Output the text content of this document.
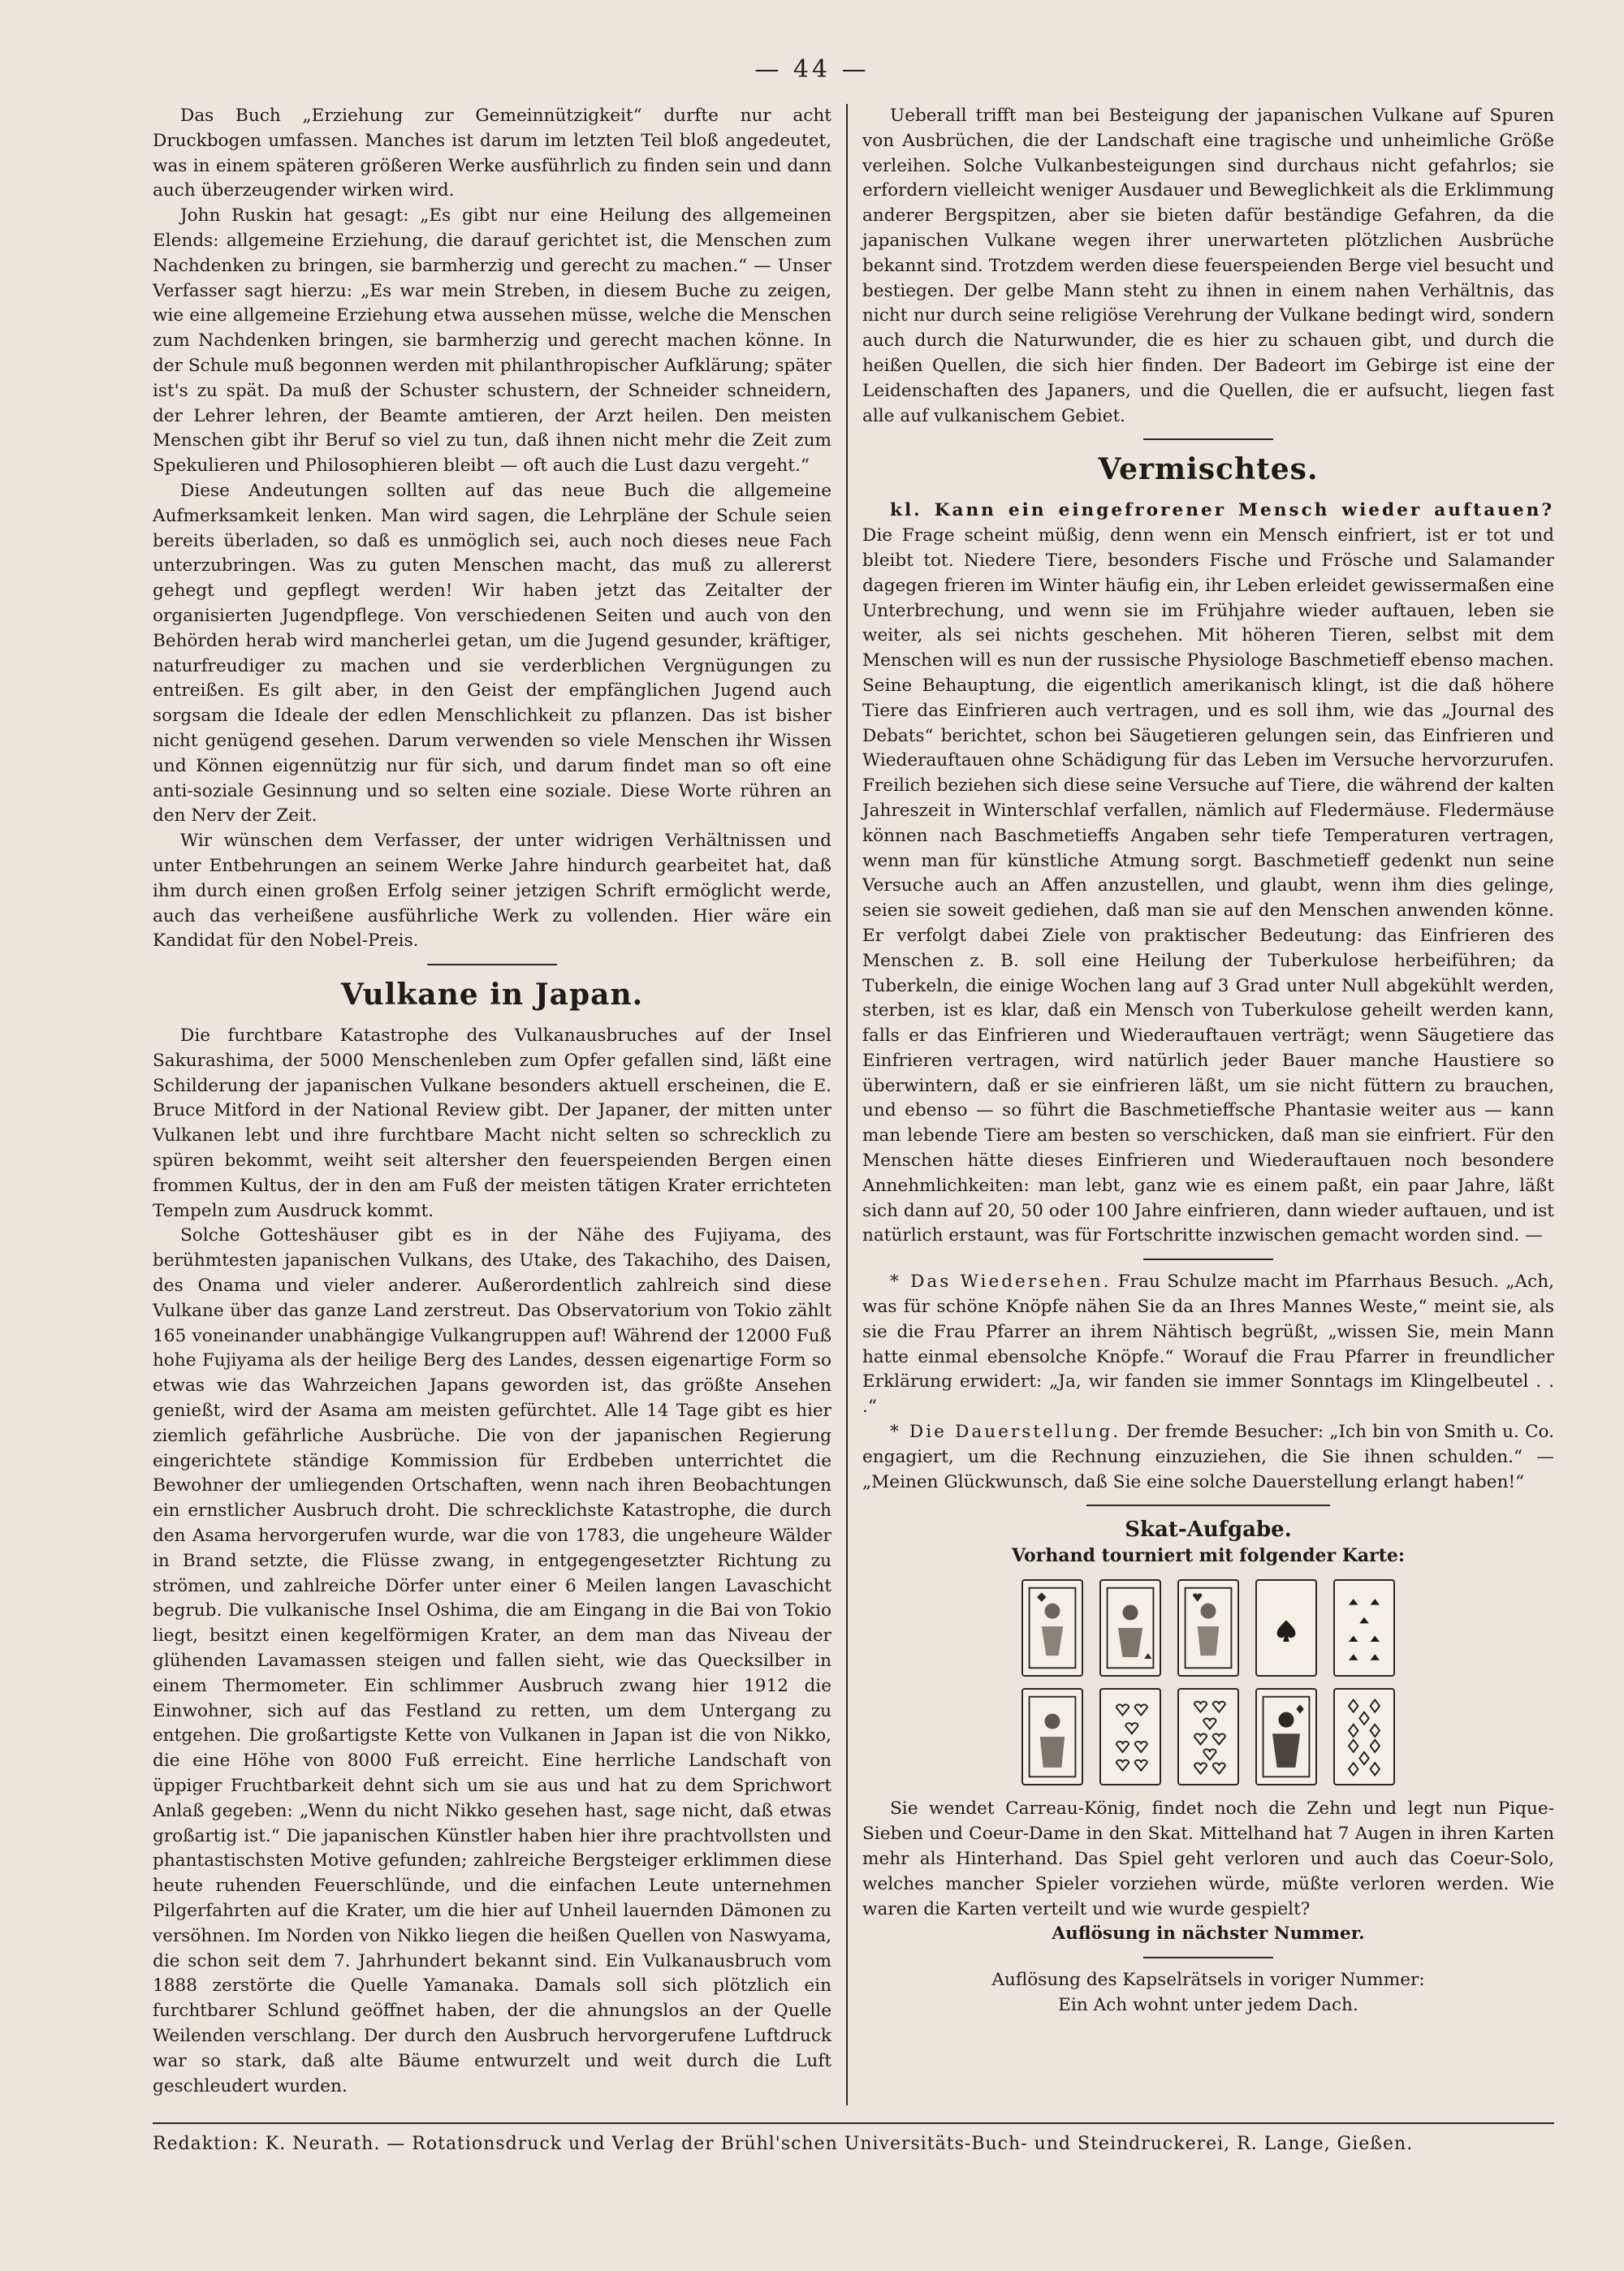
— 44 —

Das Buch „Erziehung zur Gemeinnützigkeit“ durfte nur acht Druckbogen umfassen. Manches ist darum im letzten Teil bloß angedeutet, was in einem späteren größeren Werke ausführlich zu finden sein und dann auch überzeugender wirken wird.

John Ruskin hat gesagt: „Es gibt nur eine Heilung des allgemeinen Elends: allgemeine Erziehung, die darauf gerichtet ist, die Menschen zum Nachdenken zu bringen, sie barmherzig und gerecht zu machen.“ — Unser Verfasser sagt hierzu: „Es war mein Streben, in diesem Buche zu zeigen, wie eine allgemeine Erziehung etwa aussehen müsse, welche die Menschen zum Nachdenken bringen, sie barmherzig und gerecht machen könne. In der Schule muß begonnen werden mit philanthropischer Aufklärung; später ist's zu spät. Da muß der Schuster schustern, der Schneider schneidern, der Lehrer lehren, der Beamte amtieren, der Arzt heilen. Den meisten Menschen gibt ihr Beruf so viel zu tun, daß ihnen nicht mehr die Zeit zum Spekulieren und Philosophieren bleibt — oft auch die Lust dazu vergeht.“

Diese Andeutungen sollten auf das neue Buch die allgemeine Aufmerksamkeit lenken. Man wird sagen, die Lehrpläne der Schule seien bereits überladen, so daß es unmöglich sei, auch noch dieses neue Fach unterzubringen. Was zu guten Menschen macht, das muß zu allererst gehegt und gepflegt werden! Wir haben jetzt das Zeitalter der organisierten Jugendpflege. Von verschiedenen Seiten und auch von den Behörden herab wird mancherlei getan, um die Jugend gesunder, kräftiger, naturfreudiger zu machen und sie verderblichen Vergnügungen zu entreißen. Es gilt aber, in den Geist der empfänglichen Jugend auch sorgsam die Ideale der edlen Menschlichkeit zu pflanzen. Das ist bisher nicht genügend gesehen. Darum verwenden so viele Menschen ihr Wissen und Können eigennützig nur für sich, und darum findet man so oft eine anti-soziale Gesinnung und so selten eine soziale. Diese Worte rühren an den Nerv der Zeit.

Wir wünschen dem Verfasser, der unter widrigen Verhältnissen und unter Entbehrungen an seinem Werke Jahre hindurch gearbeitet hat, daß ihm durch einen großen Erfolg seiner jetzigen Schrift ermöglicht werde, auch das verheißene ausführliche Werk zu vollenden. Hier wäre ein Kandidat für den Nobel-Preis.

Vulkane in Japan.

Die furchtbare Katastrophe des Vulkanausbruches auf der Insel Sakurashima, der 5000 Menschenleben zum Opfer gefallen sind, läßt eine Schilderung der japanischen Vulkane besonders aktuell erscheinen, die E. Bruce Mitford in der National Review gibt. Der Japaner, der mitten unter Vulkanen lebt und ihre furchtbare Macht nicht selten so schrecklich zu spüren bekommt, weiht seit altersher den feuerspeienden Bergen einen frommen Kultus, der in den am Fuß der meisten tätigen Krater errichteten Tempeln zum Ausdruck kommt.

Solche Gotteshäuser gibt es in der Nähe des Fujiyama, des berühmtesten japanischen Vulkans, des Utake, des Takachiho, des Daisen, des Onama und vieler anderer. Außerordentlich zahlreich sind diese Vulkane über das ganze Land zerstreut. Das Observatorium von Tokio zählt 165 voneinander unabhängige Vulkangruppen auf! Während der 12000 Fuß hohe Fujiyama als der heilige Berg des Landes, dessen eigenartige Form so etwas wie das Wahrzeichen Japans geworden ist, das größte Ansehen genießt, wird der Asama am meisten gefürchtet. Alle 14 Tage gibt es hier ziemlich gefährliche Ausbrüche. Die von der japanischen Regierung eingerichtete ständige Kommission für Erdbeben unterrichtet die Bewohner der umliegenden Ortschaften, wenn nach ihren Beobachtungen ein ernstlicher Ausbruch droht. Die schrecklichste Katastrophe, die durch den Asama hervorgerufen wurde, war die von 1783, die ungeheure Wälder in Brand setzte, die Flüsse zwang, in entgegengesetzter Richtung zu strömen, und zahlreiche Dörfer unter einer 6 Meilen langen Lavaschicht begrub. Die vulkanische Insel Oshima, die am Eingang in die Bai von Tokio liegt, besitzt einen kegelförmigen Krater, an dem man das Niveau der glühenden Lavamassen steigen und fallen sieht, wie das Quecksilber in einem Thermometer. Ein schlimmer Ausbruch zwang hier 1912 die Einwohner, sich auf das Festland zu retten, um dem Untergang zu entgehen. Die großartigste Kette von Vulkanen in Japan ist die von Nikko, die eine Höhe von 8000 Fuß erreicht. Eine herrliche Landschaft von üppiger Fruchtbarkeit dehnt sich um sie aus und hat zu dem Sprichwort Anlaß gegeben: „Wenn du nicht Nikko gesehen hast, sage nicht, daß etwas großartig ist.“ Die japanischen Künstler haben hier ihre prachtvollsten und phantastischsten Motive gefunden; zahlreiche Bergsteiger erklimmen diese heute ruhenden Feuerschlünde, und die einfachen Leute unternehmen Pilgerfahrten auf die Krater, um die hier auf Unheil lauernden Dämonen zu versöhnen. Im Norden von Nikko liegen die heißen Quellen von Naswyama, die schon seit dem 7. Jahrhundert bekannt sind. Ein Vulkanausbruch vom 1888 zerstörte die Quelle Yamanaka. Damals soll sich plötzlich ein furchtbarer Schlund geöffnet haben, der die ahnungslos an der Quelle Weilenden verschlang. Der durch den Ausbruch hervorgerufene Luftdruck war so stark, daß alte Bäume entwurzelt und weit durch die Luft geschleudert wurden.

Ueberall trifft man bei Besteigung der japanischen Vulkane auf Spuren von Ausbrüchen, die der Landschaft eine tragische und unheimliche Größe verleihen. Solche Vulkanbesteigungen sind durchaus nicht gefahrlos; sie erfordern vielleicht weniger Ausdauer und Beweglichkeit als die Erklimmung anderer Bergspitzen, aber sie bieten dafür beständige Gefahren, da die japanischen Vulkane wegen ihrer unerwarteten plötzlichen Ausbrüche bekannt sind. Trotzdem werden diese feuerspeienden Berge viel besucht und bestiegen. Der gelbe Mann steht zu ihnen in einem nahen Verhältnis, das nicht nur durch seine religiöse Verehrung der Vulkane bedingt wird, sondern auch durch die Naturwunder, die es hier zu schauen gibt, und durch die heißen Quellen, die sich hier finden. Der Badeort im Gebirge ist eine der Leidenschaften des Japaners, und die Quellen, die er aufsucht, liegen fast alle auf vulkanischem Gebiet.

Vermischtes.

kl. Kann ein eingefrorener Mensch wieder auftauen? Die Frage scheint müßig, denn wenn ein Mensch einfriert, ist er tot und bleibt tot. Niedere Tiere, besonders Fische und Frösche und Salamander dagegen frieren im Winter häufig ein, ihr Leben erleidet gewissermaßen eine Unterbrechung, und wenn sie im Frühjahre wieder auftauen, leben sie weiter, als sei nichts geschehen. Mit höheren Tieren, selbst mit dem Menschen will es nun der russische Physiologe Baschmetieff ebenso machen. Seine Behauptung, die eigentlich amerikanisch klingt, ist die daß höhere Tiere das Einfrieren auch vertragen, und es soll ihm, wie das „Journal des Debats“ berichtet, schon bei Säugetieren gelungen sein, das Einfrieren und Wiederauftauen ohne Schädigung für das Leben im Versuche hervorzurufen. Freilich beziehen sich diese seine Versuche auf Tiere, die während der kalten Jahreszeit in Winterschlaf verfallen, nämlich auf Fledermäuse. Fledermäuse können nach Baschmetieffs Angaben sehr tiefe Temperaturen vertragen, wenn man für künstliche Atmung sorgt. Baschmetieff gedenkt nun seine Versuche auch an Affen anzustellen, und glaubt, wenn ihm dies gelinge, seien sie soweit gediehen, daß man sie auf den Menschen anwenden könne. Er verfolgt dabei Ziele von praktischer Bedeutung: das Einfrieren des Menschen z. B. soll eine Heilung der Tuberkulose herbeiführen; da Tuberkeln, die einige Wochen lang auf 3 Grad unter Null abgekühlt werden, sterben, ist es klar, daß ein Mensch von Tuberkulose geheilt werden kann, falls er das Einfrieren und Wiederauftauen verträgt; wenn Säugetiere das Einfrieren vertragen, wird natürlich jeder Bauer manche Haustiere so überwintern, daß er sie einfrieren läßt, um sie nicht füttern zu brauchen, und ebenso — so führt die Baschmetieffsche Phantasie weiter aus — kann man lebende Tiere am besten so verschicken, daß man sie einfriert. Für den Menschen hätte dieses Einfrieren und Wiederauftauen noch besondere Annehmlichkeiten: man lebt, ganz wie es einem paßt, ein paar Jahre, läßt sich dann auf 20, 50 oder 100 Jahre einfrieren, dann wieder auftauen, und ist natürlich erstaunt, was für Fortschritte inzwischen gemacht worden sind. —

* Das Wiedersehen. Frau Schulze macht im Pfarrhaus Besuch. „Ach, was für schöne Knöpfe nähen Sie da an Ihres Mannes Weste,“ meint sie, als sie die Frau Pfarrer an ihrem Nähtisch begrüßt, „wissen Sie, mein Mann hatte einmal ebensolche Knöpfe.“ Worauf die Frau Pfarrer in freundlicher Erklärung erwidert: „Ja, wir fanden sie immer Sonntags im Klingelbeutel . . .“

* Die Dauerstellung. Der fremde Besucher: „Ich bin von Smith u. Co. engagiert, um die Rechnung einzuziehen, die Sie ihnen schulden.“ — „Meinen Glückwunsch, daß Sie eine solche Dauerstellung erlangt haben!“

Skat-Aufgabe.
Vorhand tourniert mit folgender Karte:

Sie wendet Carreau-König, findet noch die Zehn und legt nun Pique-Sieben und Coeur-Dame in den Skat. Mittelhand hat 7 Augen in ihren Karten mehr als Hinterhand. Das Spiel geht verloren und auch das Coeur-Solo, welches mancher Spieler vorziehen würde, müßte verloren werden. Wie waren die Karten verteilt und wie wurde gespielt?

Auflösung in nächster Nummer.
Auflösung des Kapselrätsels in voriger Nummer:
Ein Ach wohnt unter jedem Dach.
Redaktion: K. Neurath. — Rotationsdruck und Verlag der Brühl'schen Universitäts-Buch- und Steindruckerei, R. Lange, Gießen.
